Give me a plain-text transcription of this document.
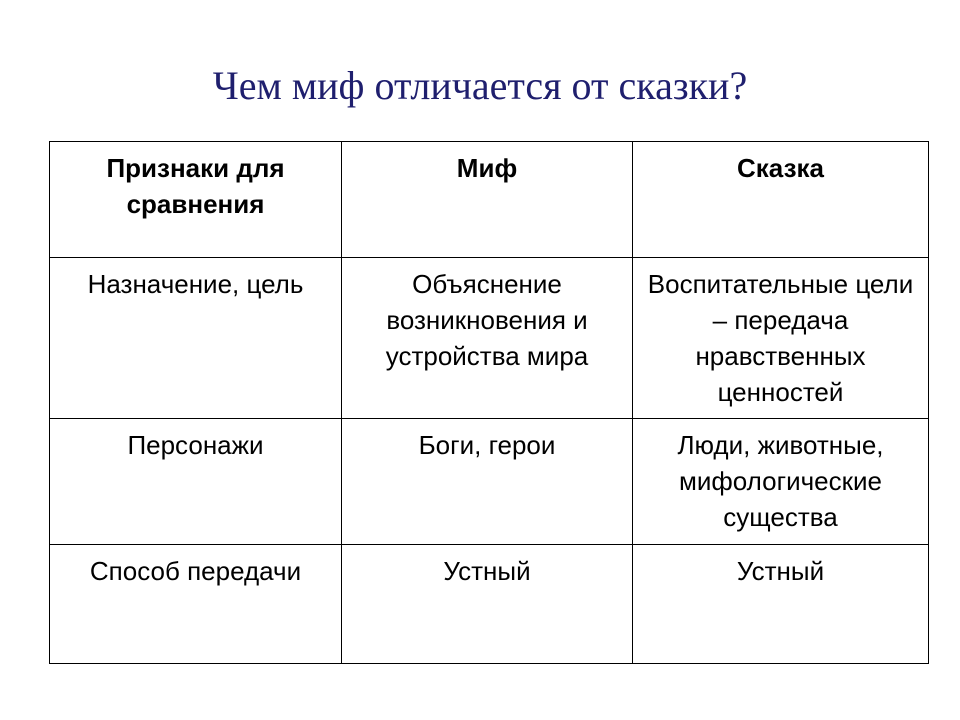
Чем миф отличается от сказки?
Признаки для сравнения	Миф	Сказка
Назначение, цель	Объяснение возникновения и устройства мира	Воспитательные цели – передача нравственных ценностей
Персонажи	Боги, герои	Люди, животные, мифологические существа
Способ передачи	Устный	Устный
